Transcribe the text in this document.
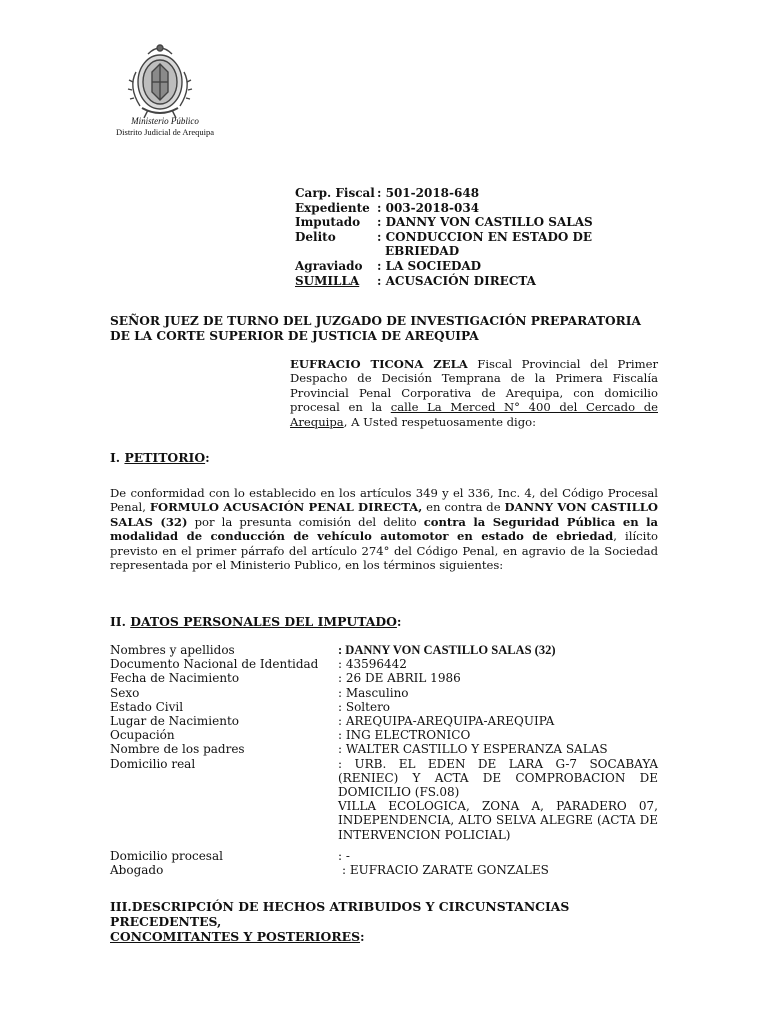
Ministerio Público
Distrito Judicial de Arequipa
Carp. Fiscal : 501-2018-648
Expediente : 003-2018-034
Imputado	: DANNY VON CASTILLO SALAS
Delito	: CONDUCCION EN ESTADO DE
EBRIEDAD
Agraviado	: LA SOCIEDAD
SUMILLA	: ACUSACIÓN DIRECTA
SEÑOR JUEZ DE TURNO DEL JUZGADO DE INVESTIGACIÓN PREPARATORIA DE LA CORTE SUPERIOR DE JUSTICIA DE AREQUIPA
EUFRACIO TICONA ZELA Fiscal Provincial del Primer Despacho de Decisión Temprana de la Primera Fiscalía Provincial Penal Corporativa de Arequipa, con domicilio procesal en la calle La Merced N° 400 del Cercado de Arequipa, A Usted respetuosamente digo:
I. PETITORIO:
De conformidad con lo establecido en los artículos 349 y el 336, Inc. 4, del Código Procesal Penal, FORMULO ACUSACIÓN PENAL DIRECTA, en contra de DANNY VON CASTILLO SALAS (32) por la presunta comisión del delito contra la Seguridad Pública en la modalidad de conducción de vehículo automotor en estado de ebriedad, ilícito previsto en el primer párrafo del artículo 274° del Código Penal, en agravio de la Sociedad representada por el Ministerio Publico, en los términos siguientes:
II. DATOS PERSONALES DEL IMPUTADO:
Nombres y apellidos	: DANNY VON CASTILLO SALAS (32)
Documento Nacional de Identidad	: 43596442
Fecha de Nacimiento	: 26 DE ABRIL 1986
Sexo	: Masculino
Estado Civil	: Soltero
Lugar de Nacimiento	: AREQUIPA-AREQUIPA-AREQUIPA
Ocupación	: ING ELECTRONICO
Nombre de los padres	: WALTER CASTILLO Y ESPERANZA SALAS
Domicilio real	: URB. EL EDEN DE LARA G-7 SOCABAYA (RENIEC) Y ACTA DE COMPROBACION DE DOMICILIO (FS.08)
VILLA ECOLOGICA, ZONA A, PARADERO 07, INDEPENDENCIA, ALTO SELVA ALEGRE (ACTA DE INTERVENCION POLICIAL)
Domicilio procesal	: -
Abogado	: EUFRACIO ZARATE GONZALES
III.DESCRIPCIÓN DE HECHOS ATRIBUIDOS Y CIRCUNSTANCIAS PRECEDENTES,
CONCOMITANTES Y POSTERIORES:
